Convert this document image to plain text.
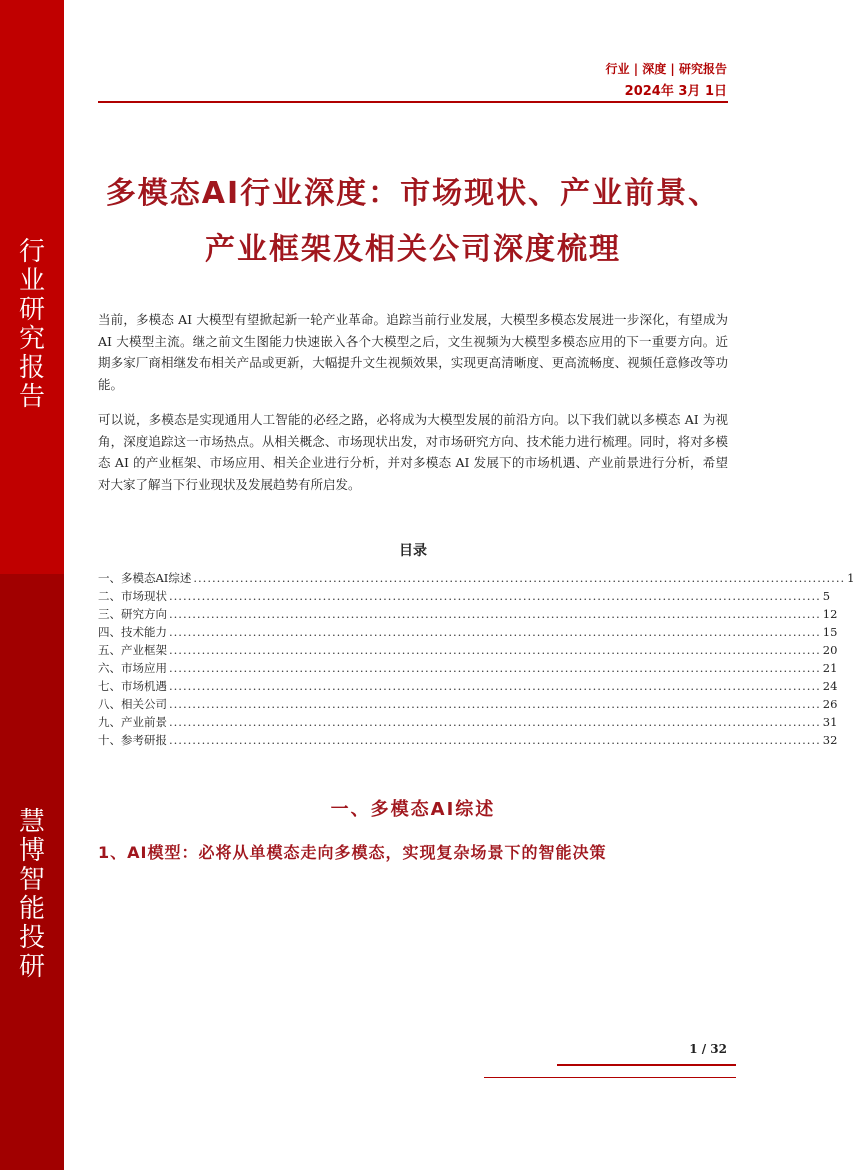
行
业
研
究
报
告
慧
博
智
能
投
研
行业 | 深度 | 研究报告
2024年 3月 1日
多模态AI行业深度：市场现状、产业前景、
产业框架及相关公司深度梳理

当前，多模态 AI 大模型有望掀起新一轮产业革命。追踪当前行业发展，大模型多模态发展进一步深化，有望成为 AI 大模型主流。继之前文生图能力快速嵌入各个大模型之后，文生视频为大模型多模态应用的下一重要方向。近期多家厂商相继发布相关产品或更新，大幅提升文生视频效果，实现更高清晰度、更高流畅度、视频任意修改等功能。

可以说，多模态是实现通用人工智能的必经之路，必将成为大模型发展的前沿方向。以下我们就以多模态 AI 为视角，深度追踪这一市场热点。从相关概念、市场现状出发，对市场研究方向、技术能力进行梳理。同时，将对多模态 AI 的产业框架、市场应用、相关企业进行分析，并对多模态 AI 发展下的市场机遇、产业前景进行分析，希望对大家了解当下行业现状及发展趋势有所启发。

目录
一、多模态AI综述 ............................................................................................................................................ 1
二、市场现状 ............................................................................................................................................ 5
三、研究方向 ............................................................................................................................................ 12
四、技术能力 ............................................................................................................................................ 15
五、产业框架 ............................................................................................................................................ 20
六、市场应用 ............................................................................................................................................ 21
七、市场机遇 ............................................................................................................................................ 24
八、相关公司 ............................................................................................................................................ 26
九、产业前景 ............................................................................................................................................ 31
十、参考研报 ............................................................................................................................................ 32
一、多模态AI综述
1、AI模型：必将从单模态走向多模态，实现复杂场景下的智能决策
1 / 32
